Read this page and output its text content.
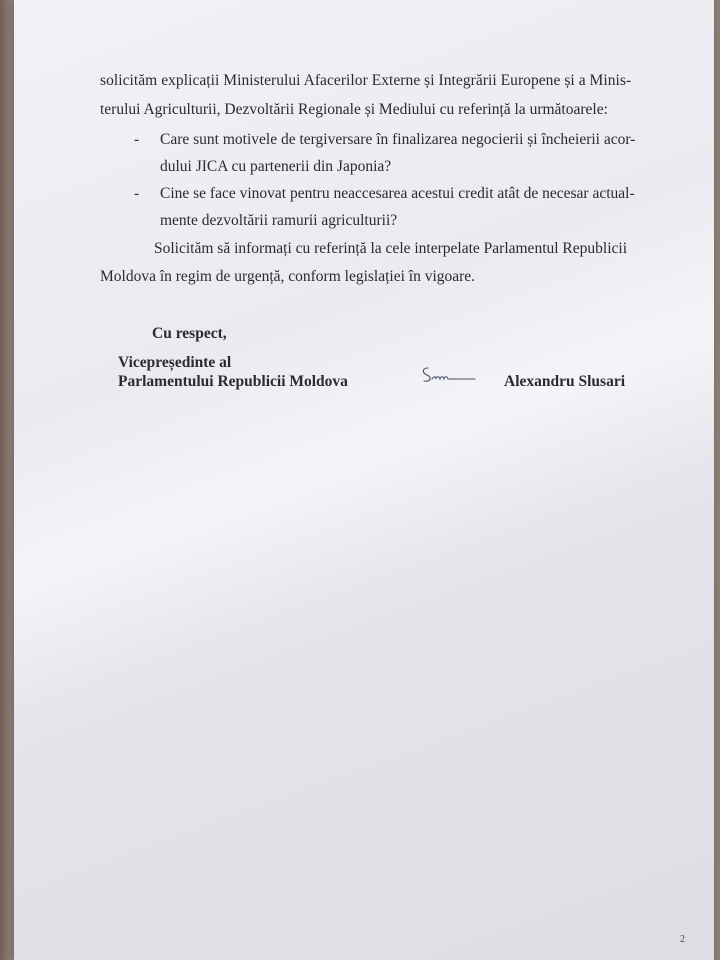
solicităm explicații Ministerului Afacerilor Externe și Integrării Europene și a Minis-
terului Agriculturii, Dezvoltării Regionale și Mediului cu referință la următoarele:
- Care sunt motivele de tergiversare în finalizarea negocierii și încheierii acor-
dului JICA cu partenerii din Japonia?
- Cine se face vinovat pentru neaccesarea acestui credit atât de necesar actual-
mente dezvoltării ramurii agriculturii?
Solicităm să informați cu referință la cele interpelate Parlamentul Republicii
Moldova în regim de urgență, conform legislației în vigoare.
Cu respect,
Vicepreședinte al
Parlamentului Republicii Moldova	Alexandru Slusari
2
